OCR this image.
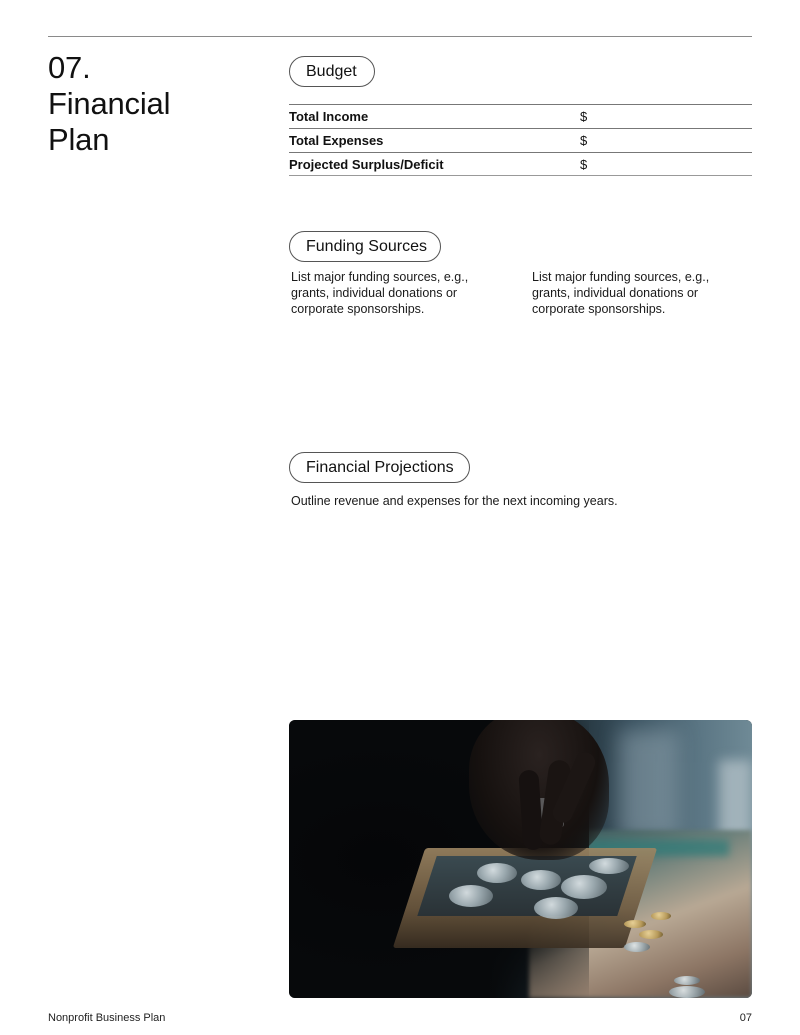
07.
Financial
Plan
Budget
Total Income	$
Total Expenses	$
Projected Surplus/Deficit	$
Funding Sources
List major funding sources, e.g., grants, individual donations or corporate sponsorships.
List major funding sources, e.g., grants, individual donations or corporate sponsorships.
Financial Projections
Outline revenue and expenses for the next incoming years.
Nonprofit Business Plan	07
